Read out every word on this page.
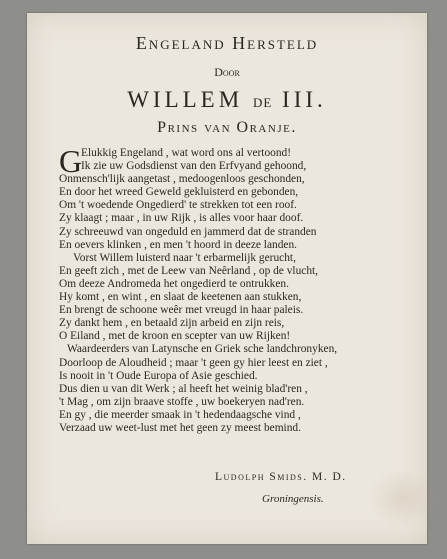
Engeland Hersteld
Door
WILLEM DE III.
Prins van Oranje.
G
Elukkig Engeland , wat word ons al vertoond!
Ik zie uw Godsdienst van den Erfvyand gehoond,
Onmensch'lijk aangetast , medoogenloos geschonden,
En door het wreed Geweld gekluisterd en gebonden,
Om 't woedende Ongedierd' te strekken tot een roof.
Zy klaagt ; maar , in uw Rijk , is alles voor haar doof.
Zy schreeuwd van ongeduld en jammerd dat de stranden
En oevers klinken , en men 't hoord in deeze landen.
Vorst Willem luisterd naar 't erbarmelijk gerucht,
En geeft zich , met de Leew van Neêrland , op de vlucht,
Om deeze Andromeda het ongedierd te ontrukken.
Hy komt , en wint , en slaat de keetenen aan stukken,
En brengt de schoone weêr met vreugd in haar paleis.
Zy dankt hem , en betaald zijn arbeid en zijn reis,
O Eiland , met de kroon en scepter van uw Rijken!
Waardeerders van Latynsche en Griek sche landchronyken,
Doorloop de Aloudheid ; maar 't geen gy hier leest en ziet ,
Is nooit in 't Oude Europa of Asie geschied.
Dus dien u van dit Werk ; al heeft het weinig blad'ren ,
't Mag , om zijn braave stoffe , uw boekeryen nad'ren.
En gy , die meerder smaak in 't hedendaagsche vind ,
Verzaad uw weet-lust met het geen zy meest bemind.
Ludolph Smids. M. D.
Groningensis.
